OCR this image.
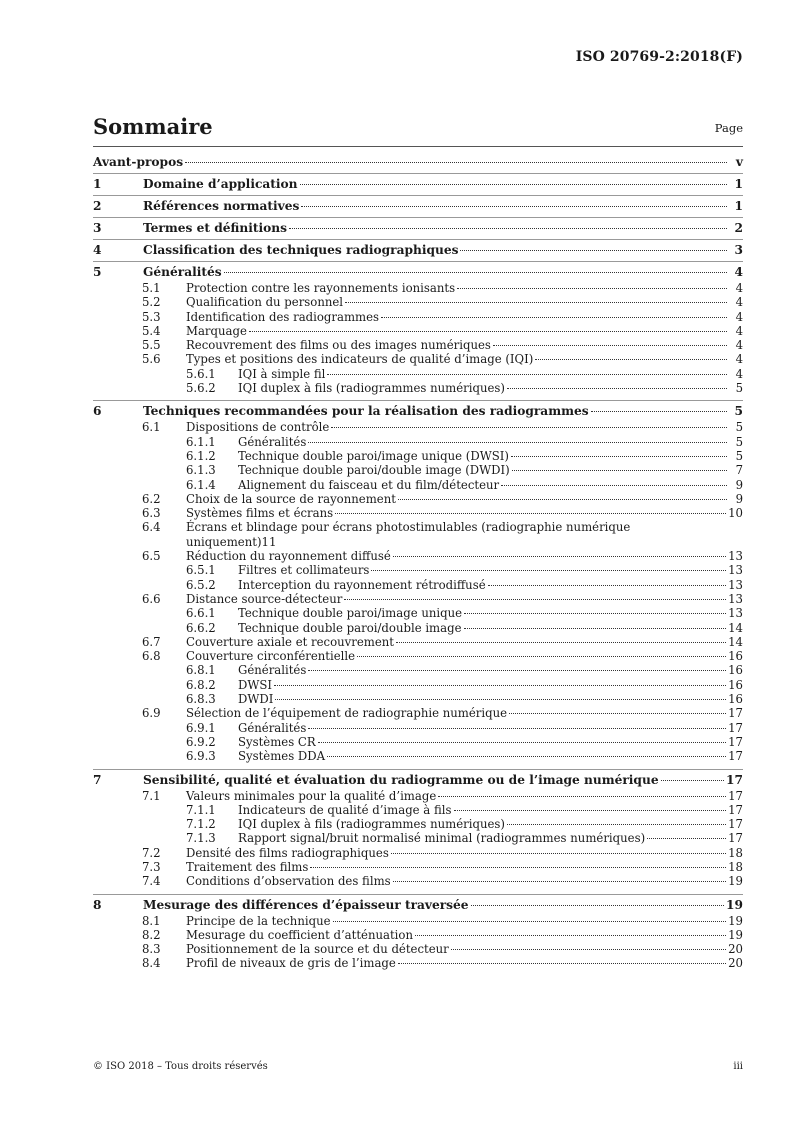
ISO 20769-2:2018(F)
Sommaire	Page
Avant-propos	v
1	Domaine d’application	1
2	Références normatives	1
3	Termes et définitions	2
4	Classification des techniques radiographiques	3
5	Généralités	4
5.1 Protection contre les rayonnements ionisants	4
5.2 Qualification du personnel	4
5.3 Identification des radiogrammes	4
5.4 Marquage	4
5.5 Recouvrement des films ou des images numériques	4
5.6 Types et positions des indicateurs de qualité d’image (IQI)	4
5.6.1 IQI à simple fil	4
5.6.2 IQI duplex à fils (radiogrammes numériques)	5
6	Techniques recommandées pour la réalisation des radiogrammes	5
6.1 Dispositions de contrôle	5
6.1.1 Généralités	5
6.1.2 Technique double paroi/image unique (DWSI)	5
6.1.3 Technique double paroi/double image (DWDI)	7
6.1.4 Alignement du faisceau et du film/détecteur	9
6.2 Choix de la source de rayonnement	9
6.3 Systèmes films et écrans	10
6.4 Écrans et blindage pour écrans photostimulables (radiographie numérique
uniquement) 11
6.5 Réduction du rayonnement diffusé	13
6.5.1 Filtres et collimateurs	13
6.5.2 Interception du rayonnement rétrodiffusé	13
6.6 Distance source-détecteur	13
6.6.1 Technique double paroi/image unique	13
6.6.2 Technique double paroi/double image	14
6.7 Couverture axiale et recouvrement	14
6.8 Couverture circonférentielle	16
6.8.1 Généralités	16
6.8.2 DWSI	16
6.8.3 DWDI	16
6.9 Sélection de l’équipement de radiographie numérique	17
6.9.1 Généralités	17
6.9.2 Systèmes CR	17
6.9.3 Systèmes DDA	17
7	Sensibilité, qualité et évaluation du radiogramme ou de l’image numérique	17
7.1 Valeurs minimales pour la qualité d’image	17
7.1.1 Indicateurs de qualité d’image à fils	17
7.1.2 IQI duplex à fils (radiogrammes numériques)	17
7.1.3 Rapport signal/bruit normalisé minimal (radiogrammes numériques)	17
7.2 Densité des films radiographiques	18
7.3 Traitement des films	18
7.4 Conditions d’observation des films	19
8	Mesurage des différences d’épaisseur traversée	19
8.1 Principe de la technique	19
8.2 Mesurage du coefficient d’atténuation	19
8.3 Positionnement de la source et du détecteur	20
8.4 Profil de niveaux de gris de l’image	20
© ISO 2018 – Tous droits réservés	iii
